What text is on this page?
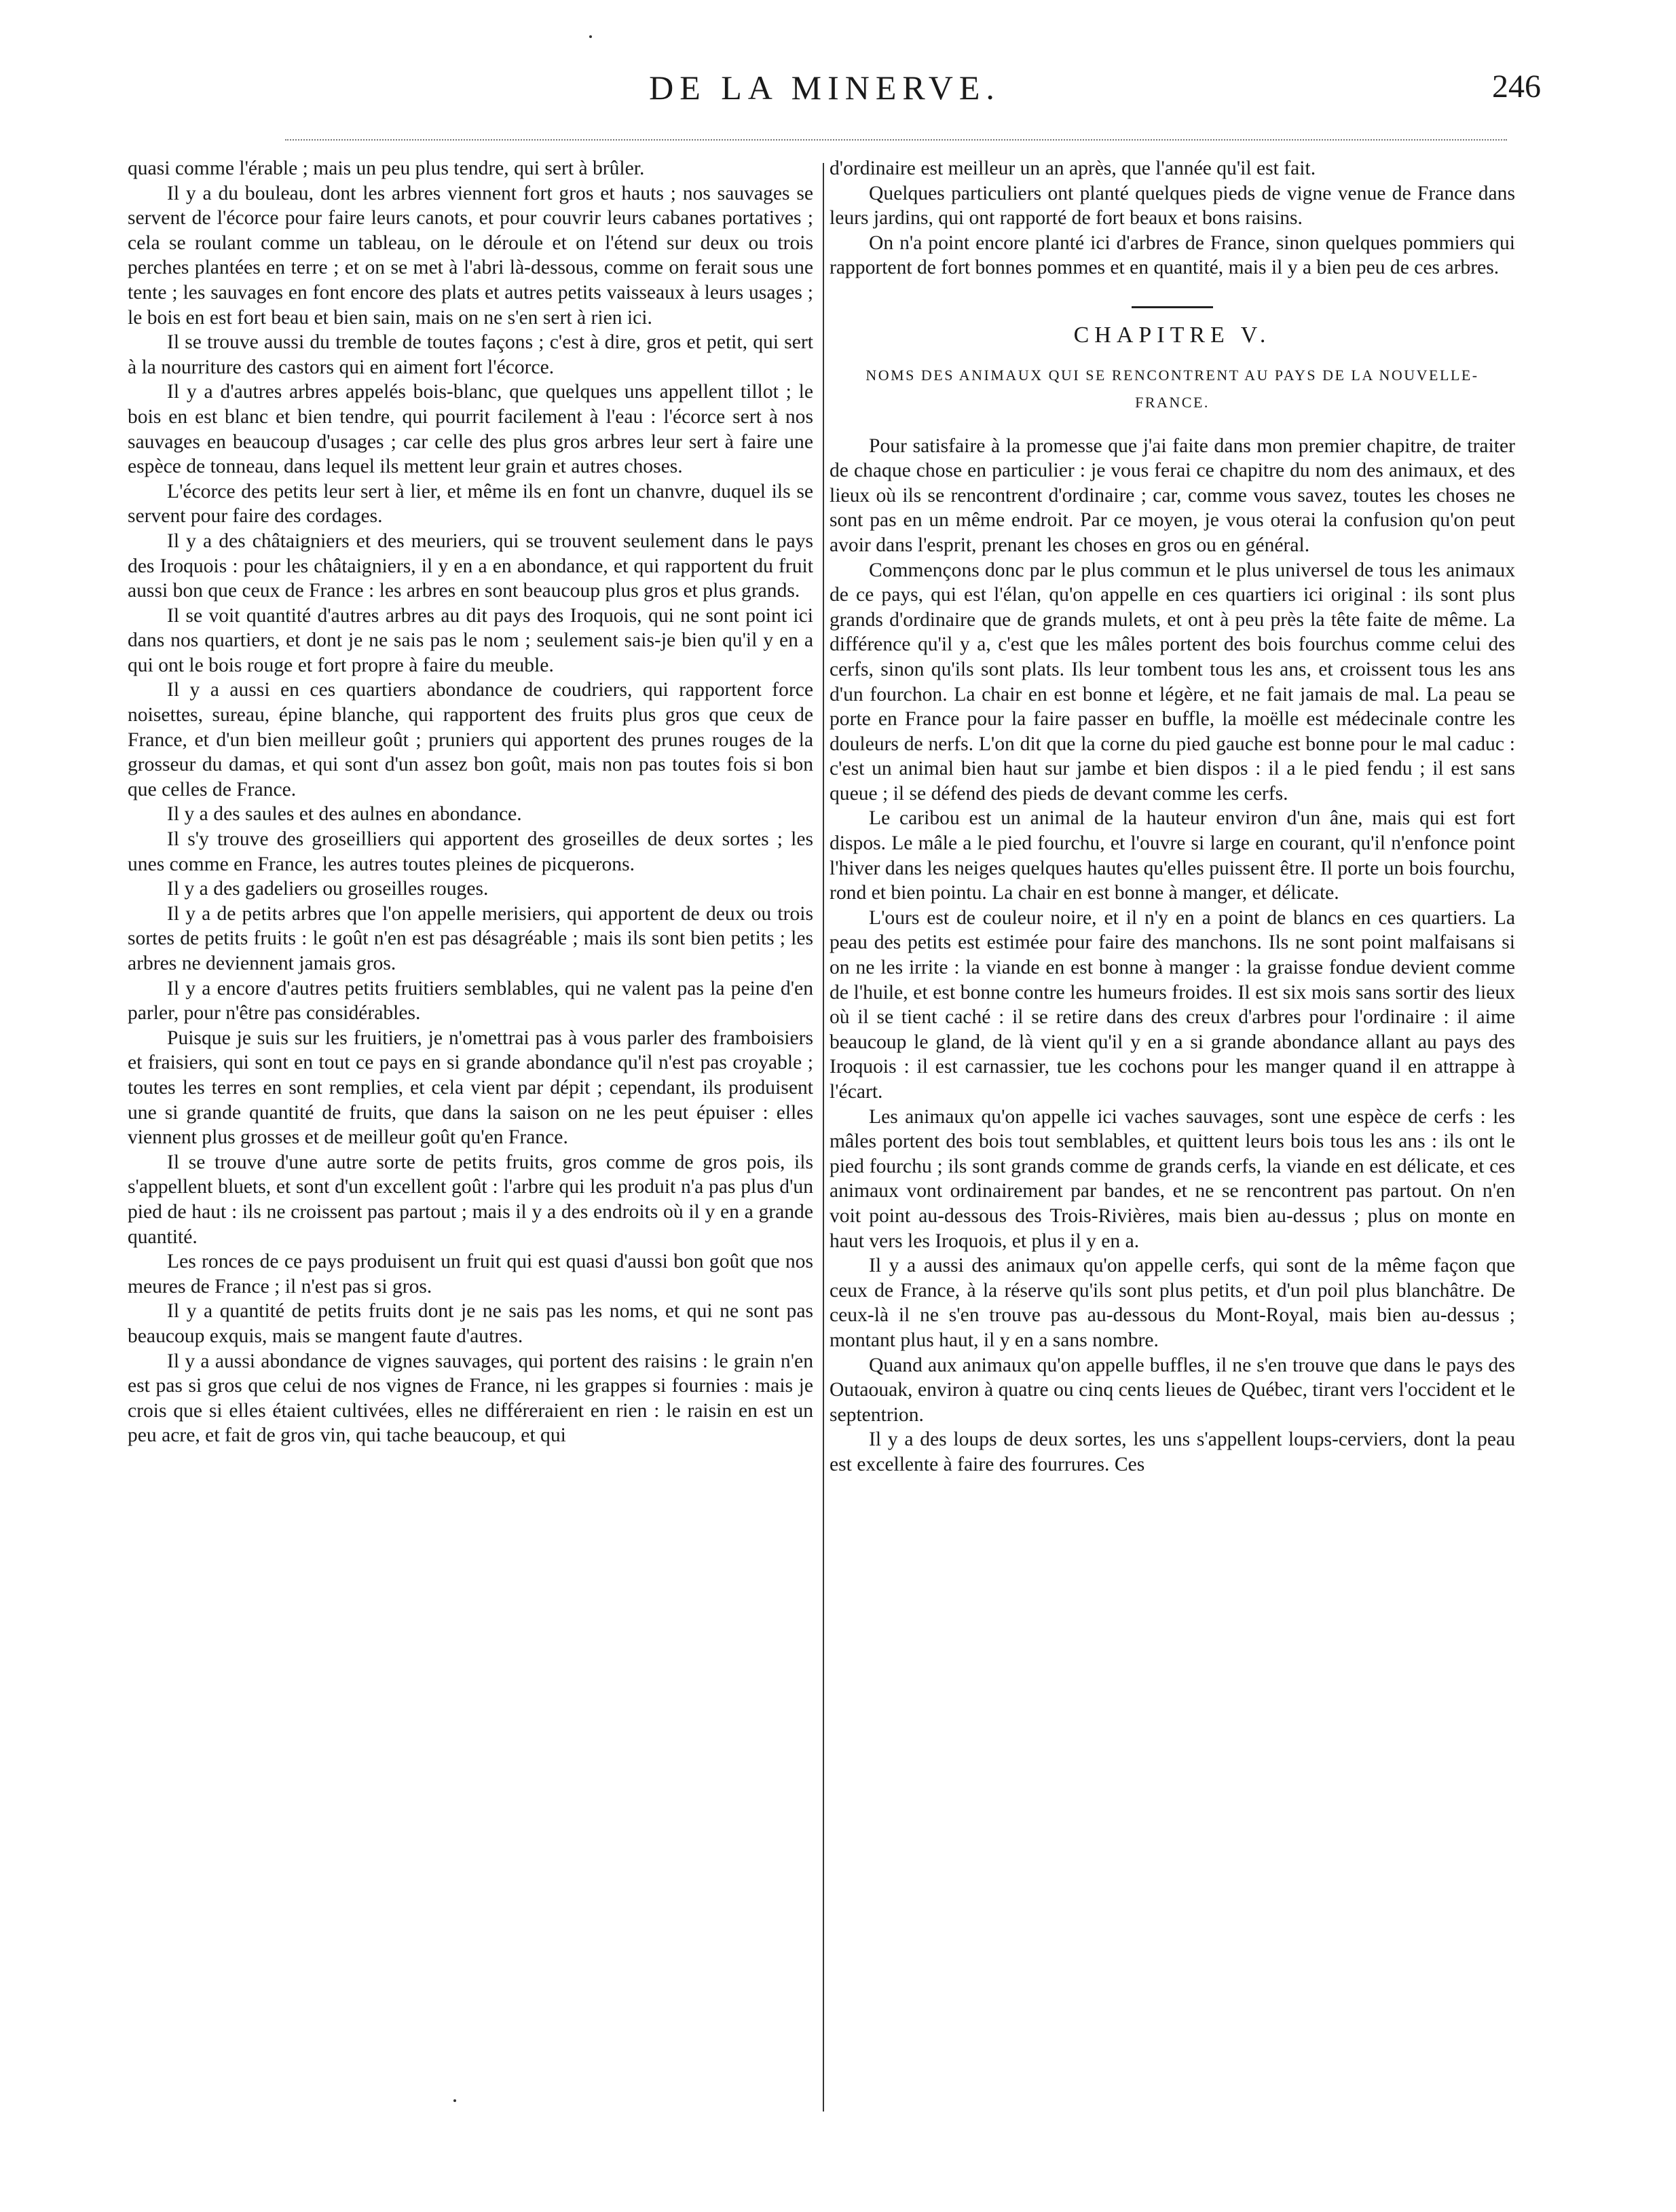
DE LA MINERVE.	246

quasi comme l'érable ; mais un peu plus tendre, qui sert à brûler.

Il y a du bouleau, dont les arbres viennent fort gros et hauts ; nos sauvages se servent de l'écorce pour faire leurs canots, et pour couvrir leurs cabanes portatives ; cela se roulant comme un tableau, on le déroule et on l'étend sur deux ou trois perches plantées en terre ; et on se met à l'abri là-dessous, comme on ferait sous une tente ; les sauvages en font encore des plats et autres petits vaisseaux à leurs usages ; le bois en est fort beau et bien sain, mais on ne s'en sert à rien ici.

Il se trouve aussi du tremble de toutes façons ; c'est à dire, gros et petit, qui sert à la nourriture des castors qui en aiment fort l'écorce.

Il y a d'autres arbres appelés bois-blanc, que quelques uns appellent tillot ; le bois en est blanc et bien tendre, qui pourrit facilement à l'eau : l'écorce sert à nos sauvages en beaucoup d'usages ; car celle des plus gros arbres leur sert à faire une espèce de tonneau, dans lequel ils mettent leur grain et autres choses.

L'écorce des petits leur sert à lier, et même ils en font un chanvre, duquel ils se servent pour faire des cordages.

Il y a des châtaigniers et des meuriers, qui se trouvent seulement dans le pays des Iroquois : pour les châtaigniers, il y en a en abondance, et qui rapportent du fruit aussi bon que ceux de France : les arbres en sont beaucoup plus gros et plus grands.

Il se voit quantité d'autres arbres au dit pays des Iroquois, qui ne sont point ici dans nos quartiers, et dont je ne sais pas le nom ; seulement sais-je bien qu'il y en a qui ont le bois rouge et fort propre à faire du meuble.

Il y a aussi en ces quartiers abondance de coudriers, qui rapportent force noisettes, sureau, épine blanche, qui rapportent des fruits plus gros que ceux de France, et d'un bien meilleur goût ; pruniers qui apportent des prunes rouges de la grosseur du damas, et qui sont d'un assez bon goût, mais non pas toutes fois si bon que celles de France.

Il y a des saules et des aulnes en abondance.

Il s'y trouve des groseilliers qui apportent des groseilles de deux sortes ; les unes comme en France, les autres toutes pleines de picquerons.

Il y a des gadeliers ou groseilles rouges.

Il y a de petits arbres que l'on appelle merisiers, qui apportent de deux ou trois sortes de petits fruits : le goût n'en est pas désagréable ; mais ils sont bien petits ; les arbres ne deviennent jamais gros.

Il y a encore d'autres petits fruitiers semblables, qui ne valent pas la peine d'en parler, pour n'être pas considérables.

Puisque je suis sur les fruitiers, je n'omettrai pas à vous parler des framboisiers et fraisiers, qui sont en tout ce pays en si grande abondance qu'il n'est pas croyable ; toutes les terres en sont remplies, et cela vient par dépit ; cependant, ils produisent une si grande quantité de fruits, que dans la saison on ne les peut épuiser : elles viennent plus grosses et de meilleur goût qu'en France.

Il se trouve d'une autre sorte de petits fruits, gros comme de gros pois, ils s'appellent bluets, et sont d'un excellent goût : l'arbre qui les produit n'a pas plus d'un pied de haut : ils ne croissent pas partout ; mais il y a des endroits où il y en a grande quantité.

Les ronces de ce pays produisent un fruit qui est quasi d'aussi bon goût que nos meures de France ; il n'est pas si gros.

Il y a quantité de petits fruits dont je ne sais pas les noms, et qui ne sont pas beaucoup exquis, mais se mangent faute d'autres.

Il y a aussi abondance de vignes sauvages, qui portent des raisins : le grain n'en est pas si gros que celui de nos vignes de France, ni les grappes si fournies : mais je crois que si elles étaient cultivées, elles ne différeraient en rien : le raisin en est un peu acre, et fait de gros vin, qui tache beaucoup, et qui

d'ordinaire est meilleur un an après, que l'année qu'il est fait.

Quelques particuliers ont planté quelques pieds de vigne venue de France dans leurs jardins, qui ont rapporté de fort beaux et bons raisins.

On n'a point encore planté ici d'arbres de France, sinon quelques pommiers qui rapportent de fort bonnes pommes et en quantité, mais il y a bien peu de ces arbres.

CHAPITRE V.
NOMS DES ANIMAUX QUI SE RENCONTRENT AU PAYS DE LA NOUVELLE-FRANCE.

Pour satisfaire à la promesse que j'ai faite dans mon premier chapitre, de traiter de chaque chose en particulier : je vous ferai ce chapitre du nom des animaux, et des lieux où ils se rencontrent d'ordinaire ; car, comme vous savez, toutes les choses ne sont pas en un même endroit. Par ce moyen, je vous oterai la confusion qu'on peut avoir dans l'esprit, prenant les choses en gros ou en général.

Commençons donc par le plus commun et le plus universel de tous les animaux de ce pays, qui est l'élan, qu'on appelle en ces quartiers ici original : ils sont plus grands d'ordinaire que de grands mulets, et ont à peu près la tête faite de même. La différence qu'il y a, c'est que les mâles portent des bois fourchus comme celui des cerfs, sinon qu'ils sont plats. Ils leur tombent tous les ans, et croissent tous les ans d'un fourchon. La chair en est bonne et légère, et ne fait jamais de mal. La peau se porte en France pour la faire passer en buffle, la moëlle est médecinale contre les douleurs de nerfs. L'on dit que la corne du pied gauche est bonne pour le mal caduc : c'est un animal bien haut sur jambe et bien dispos : il a le pied fendu ; il est sans queue ; il se défend des pieds de devant comme les cerfs.

Le caribou est un animal de la hauteur environ d'un âne, mais qui est fort dispos. Le mâle a le pied fourchu, et l'ouvre si large en courant, qu'il n'enfonce point l'hiver dans les neiges quelques hautes qu'elles puissent être. Il porte un bois fourchu, rond et bien pointu. La chair en est bonne à manger, et délicate.

L'ours est de couleur noire, et il n'y en a point de blancs en ces quartiers. La peau des petits est estimée pour faire des manchons. Ils ne sont point malfaisans si on ne les irrite : la viande en est bonne à manger : la graisse fondue devient comme de l'huile, et est bonne contre les humeurs froides. Il est six mois sans sortir des lieux où il se tient caché : il se retire dans des creux d'arbres pour l'ordinaire : il aime beaucoup le gland, de là vient qu'il y en a si grande abondance allant au pays des Iroquois : il est carnassier, tue les cochons pour les manger quand il en attrappe à l'écart.

Les animaux qu'on appelle ici vaches sauvages, sont une espèce de cerfs : les mâles portent des bois tout semblables, et quittent leurs bois tous les ans : ils ont le pied fourchu ; ils sont grands comme de grands cerfs, la viande en est délicate, et ces animaux vont ordinairement par bandes, et ne se rencontrent pas partout. On n'en voit point au-dessous des Trois-Rivières, mais bien au-dessus ; plus on monte en haut vers les Iroquois, et plus il y en a.

Il y a aussi des animaux qu'on appelle cerfs, qui sont de la même façon que ceux de France, à la réserve qu'ils sont plus petits, et d'un poil plus blanchâtre. De ceux-là il ne s'en trouve pas au-dessous du Mont-Royal, mais bien au-dessus ; montant plus haut, il y en a sans nombre.

Quand aux animaux qu'on appelle buffles, il ne s'en trouve que dans le pays des Outaouak, environ à quatre ou cinq cents lieues de Québec, tirant vers l'occident et le septentrion.

Il y a des loups de deux sortes, les uns s'appellent loups-cerviers, dont la peau est excellente à faire des fourrures. Ces
